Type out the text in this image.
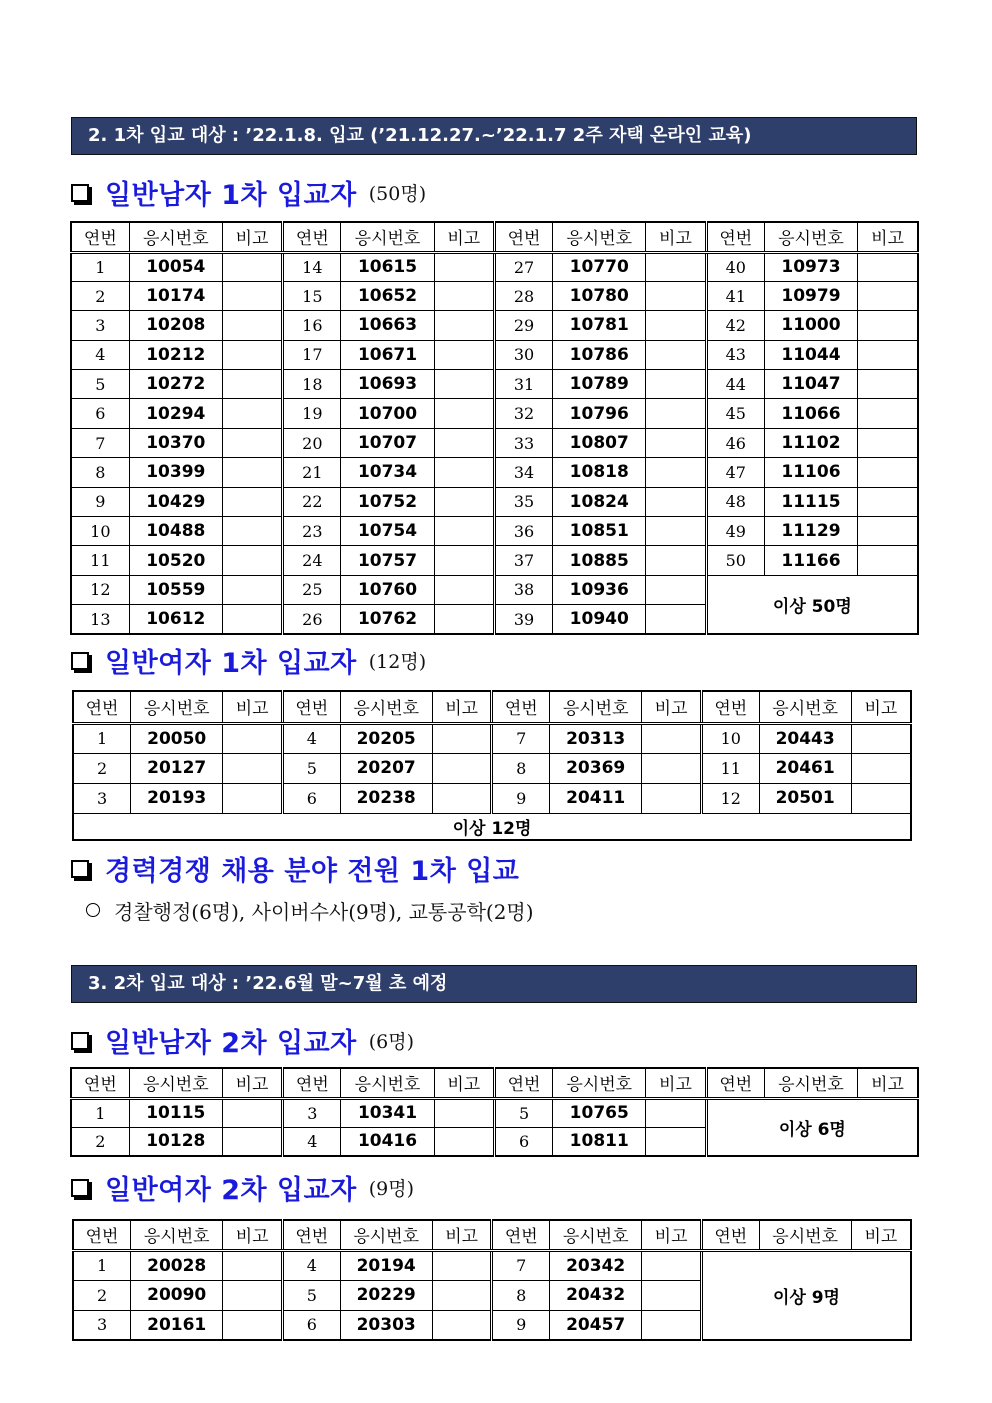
2. 1차 입교 대상 : ’22.1.8. 입교 (’21.12.27.~’22.1.7 2주 자택 온라인 교육)
일반남자 1차 입교자 (50명)
연번	응시번호	비고	연번	응시번호	비고	연번	응시번호	비고	연번	응시번호	비고
1	10054		14	10615		27	10770		40	10973	
2	10174		15	10652		28	10780		41	10979	
3	10208		16	10663		29	10781		42	11000	
4	10212		17	10671		30	10786		43	11044	
5	10272		18	10693		31	10789		44	11047	
6	10294		19	10700		32	10796		45	11066	
7	10370		20	10707		33	10807		46	11102	
8	10399		21	10734		34	10818		47	11106	
9	10429		22	10752		35	10824		48	11115	
10	10488		23	10754		36	10851		49	11129	
11	10520		24	10757		37	10885		50	11166	
12	10559		25	10760		38	10936		이상 50명		
13	10612		26	10762		39	10940				
일반여자 1차 입교자 (12명)
연번	응시번호	비고	연번	응시번호	비고	연번	응시번호	비고	연번	응시번호	비고
1	20050		4	20205		7	20313		10	20443	
2	20127		5	20207		8	20369		11	20461	
3	20193		6	20238		9	20411		12	20501	
이상 12명											
경력경쟁 채용 분야 전원 1차 입교
경찰행정(6명), 사이버수사(9명), 교통공학(2명)
3. 2차 입교 대상 : ’22.6월 말~7월 초 예정
일반남자 2차 입교자 (6명)
연번	응시번호	비고	연번	응시번호	비고	연번	응시번호	비고	연번	응시번호	비고
1	10115		3	10341		5	10765		이상 6명		
2	10128		4	10416		6	10811				
일반여자 2차 입교자 (9명)
연번	응시번호	비고	연번	응시번호	비고	연번	응시번호	비고	연번	응시번호	비고
1	20028		4	20194		7	20342		이상 9명		
2	20090		5	20229		8	20432				
3	20161		6	20303		9	20457				
